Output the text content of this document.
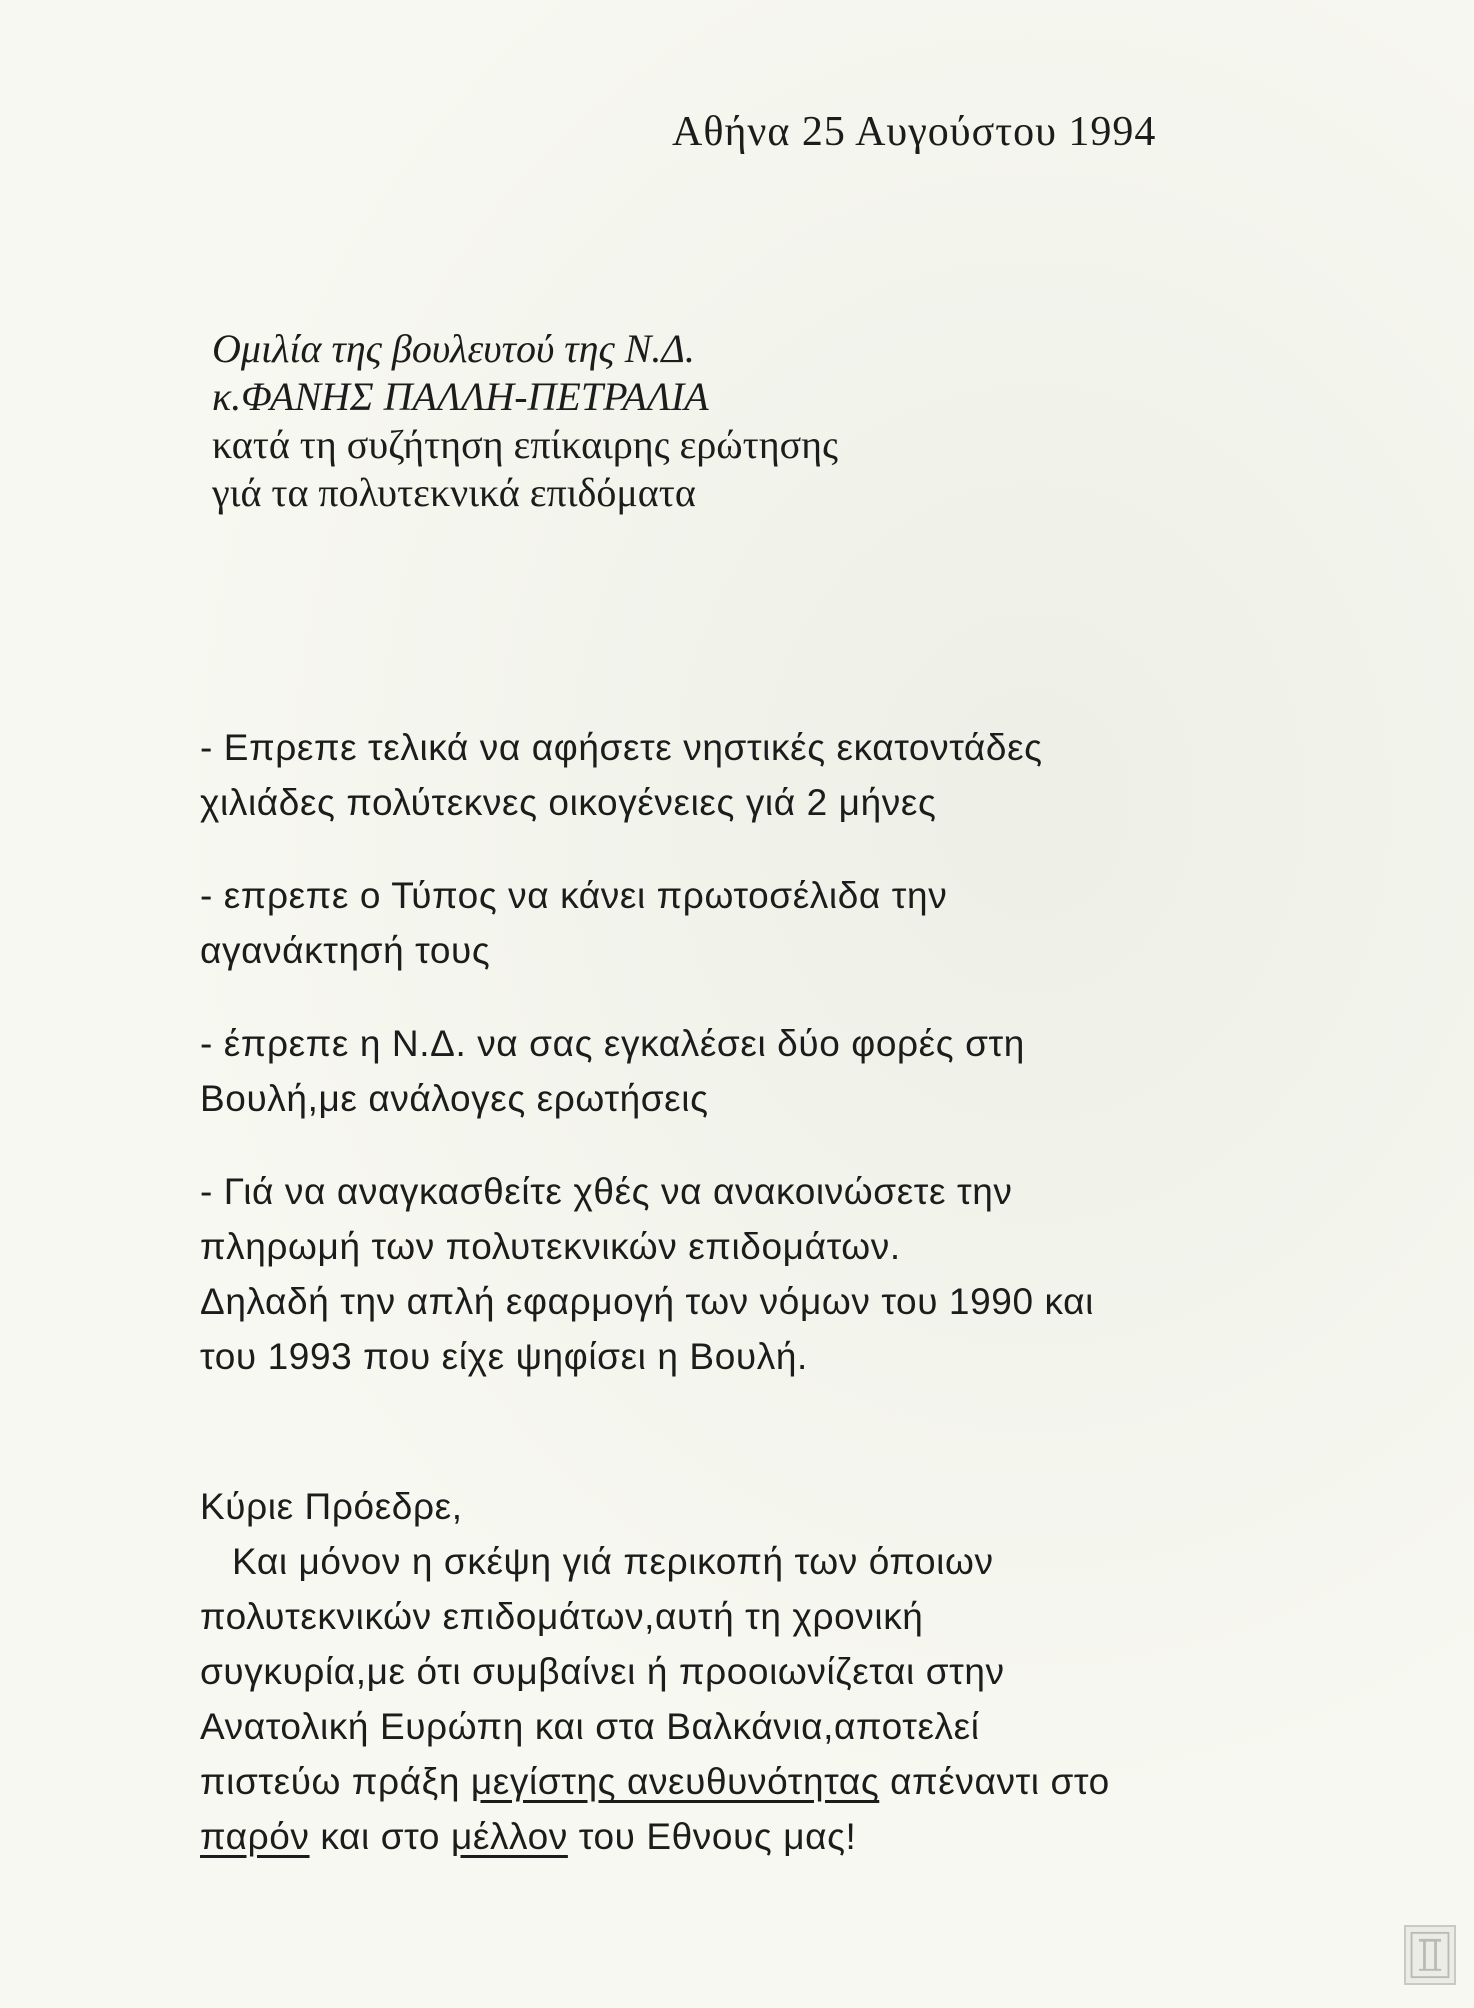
Αθήνα 25 Αυγούστου 1994
Ομιλία της βουλευτού της Ν.Δ.
κ.ΦΑΝΗΣ ΠΑΛΛΗ-ΠΕΤΡΑΛΙΑ
κατά τη συζήτηση επίκαιρης ερώτησης
γιά τα πολυτεκνικά επιδόματα
- Επρεπε τελικά να αφήσετε νηστικές εκατοντάδες
χιλιάδες πολύτεκνες οικογένειες γιά 2 μήνες
- επρεπε ο Τύπος να κάνει πρωτοσέλιδα την
αγανάκτησή τους
- έπρεπε η Ν.Δ. να σας εγκαλέσει δύο φορές στη
Βουλή,με ανάλογες ερωτήσεις
- Γιά να αναγκασθείτε χθές να ανακοινώσετε την
πληρωμή των πολυτεκνικών επιδομάτων.
Δηλαδή την απλή εφαρμογή των νόμων του 1990 και
του 1993 που είχε ψηφίσει η Βουλή.
Κύριε Πρόεδρε,
Και μόνον η σκέψη γιά περικοπή των όποιων
πολυτεκνικών επιδομάτων,αυτή τη χρονική
συγκυρία,με ότι συμβαίνει ή προοιωνίζεται στην
Ανατολική Ευρώπη και στα Βαλκάνια,αποτελεί
πιστεύω πράξη μεγίστης ανευθυνότητας απέναντι στο
παρόν και στο μέλλον του Εθνους μας!
